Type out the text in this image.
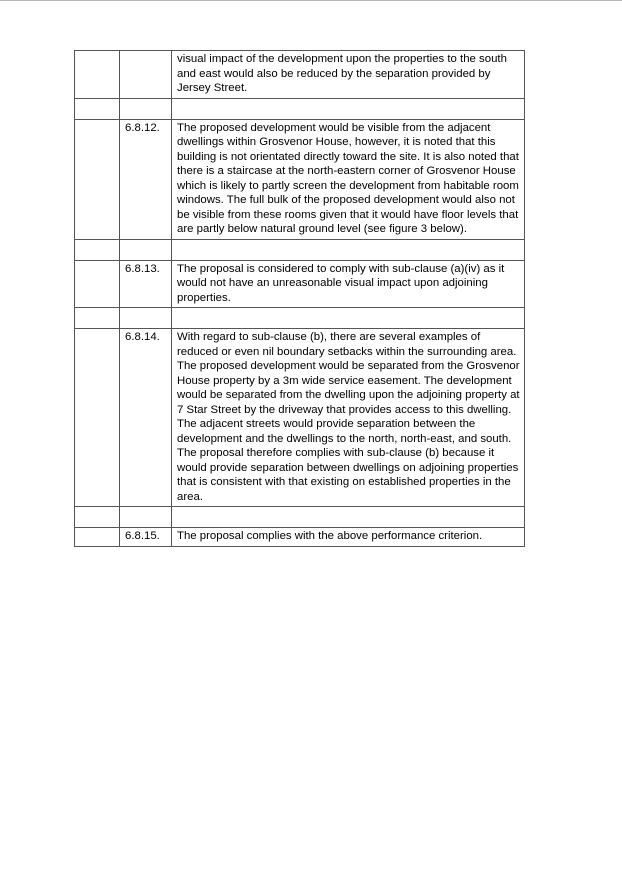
		visual impact of the development upon the properties to the south and east would also be reduced by the separation provided by Jersey Street.

	6.8.12.	The proposed development would be visible from the adjacent dwellings within Grosvenor House, however, it is noted that this building is not orientated directly toward the site. It is also noted that there is a staircase at the north-eastern corner of Grosvenor House which is likely to partly screen the development from habitable room windows. The full bulk of the proposed development would also not be visible from these rooms given that it would have floor levels that are partly below natural ground level (see figure 3 below).

	6.8.13.	The proposal is considered to comply with sub-clause (a)(iv) as it would not have an unreasonable visual impact upon adjoining properties.

	6.8.14.	With regard to sub-clause (b), there are several examples of reduced or even nil boundary setbacks within the surrounding area. The proposed development would be separated from the Grosvenor House property by a 3m wide service easement. The development would be separated from the dwelling upon the adjoining property at 7 Star Street by the driveway that provides access to this dwelling. The adjacent streets would provide separation between the development and the dwellings to the north, north-east, and south. The proposal therefore complies with sub-clause (b) because it would provide separation between dwellings on adjoining properties that is consistent with that existing on established properties in the area.

	6.8.15.	The proposal complies with the above performance criterion.
